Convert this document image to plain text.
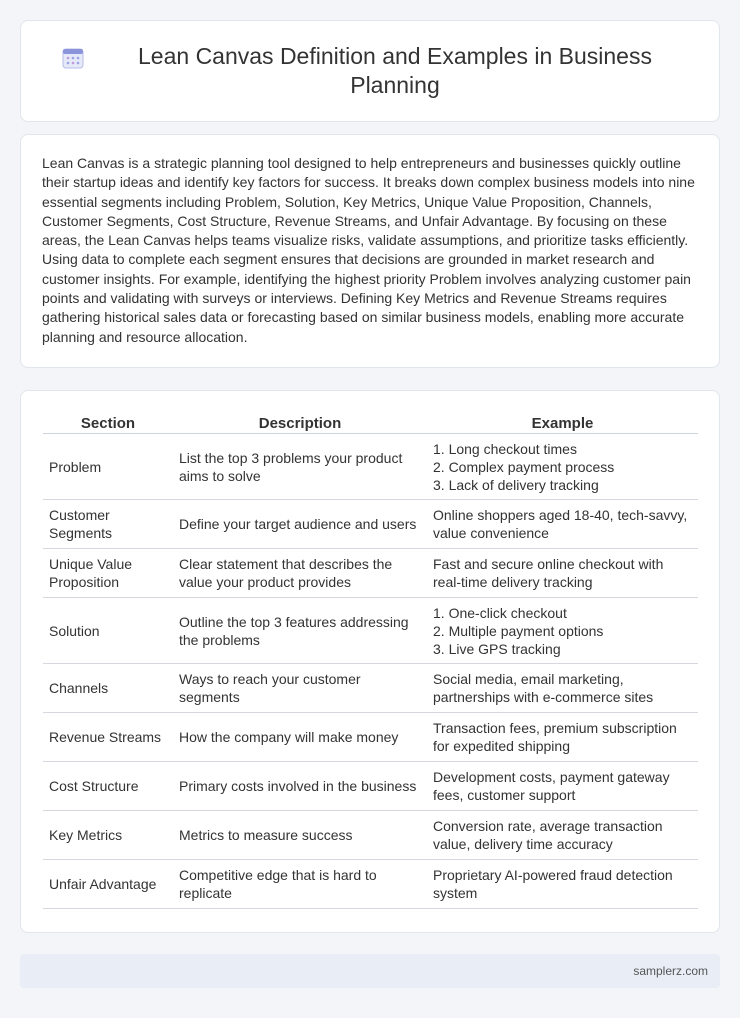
Lean Canvas Definition and Examples in Business Planning

Lean Canvas is a strategic planning tool designed to help entrepreneurs and businesses quickly outline their startup ideas and identify key factors for success. It breaks down complex business models into nine essential segments including Problem, Solution, Key Metrics, Unique Value Proposition, Channels, Customer Segments, Cost Structure, Revenue Streams, and Unfair Advantage. By focusing on these areas, the Lean Canvas helps teams visualize risks, validate assumptions, and prioritize tasks efficiently. Using data to complete each segment ensures that decisions are grounded in market research and customer insights. For example, identifying the highest priority Problem involves analyzing customer pain points and validating with surveys or interviews. Defining Key Metrics and Revenue Streams requires gathering historical sales data or forecasting based on similar business models, enabling more accurate planning and resource allocation.

Section	Description	Example
Problem	List the top 3 problems your product aims to solve	1. Long checkout times
2. Complex payment process
3. Lack of delivery tracking

Customer Segments	Define your target audience and users	Online shoppers aged 18-40, tech-savvy, value convenience

Unique Value Proposition	Clear statement that describes the value your product provides	Fast and secure online checkout with real-time delivery tracking

Solution	Outline the top 3 features addressing the problems	1. One-click checkout
2. Multiple payment options
3. Live GPS tracking

Channels	Ways to reach your customer segments	Social media, email marketing, partnerships with e-commerce sites

Revenue Streams	How the company will make money	Transaction fees, premium subscription for expedited shipping

Cost Structure	Primary costs involved in the business	Development costs, payment gateway fees, customer support

Key Metrics	Metrics to measure success	Conversion rate, average transaction value, delivery time accuracy

Unfair Advantage	Competitive edge that is hard to replicate	Proprietary AI-powered fraud detection system
samplerz.com
